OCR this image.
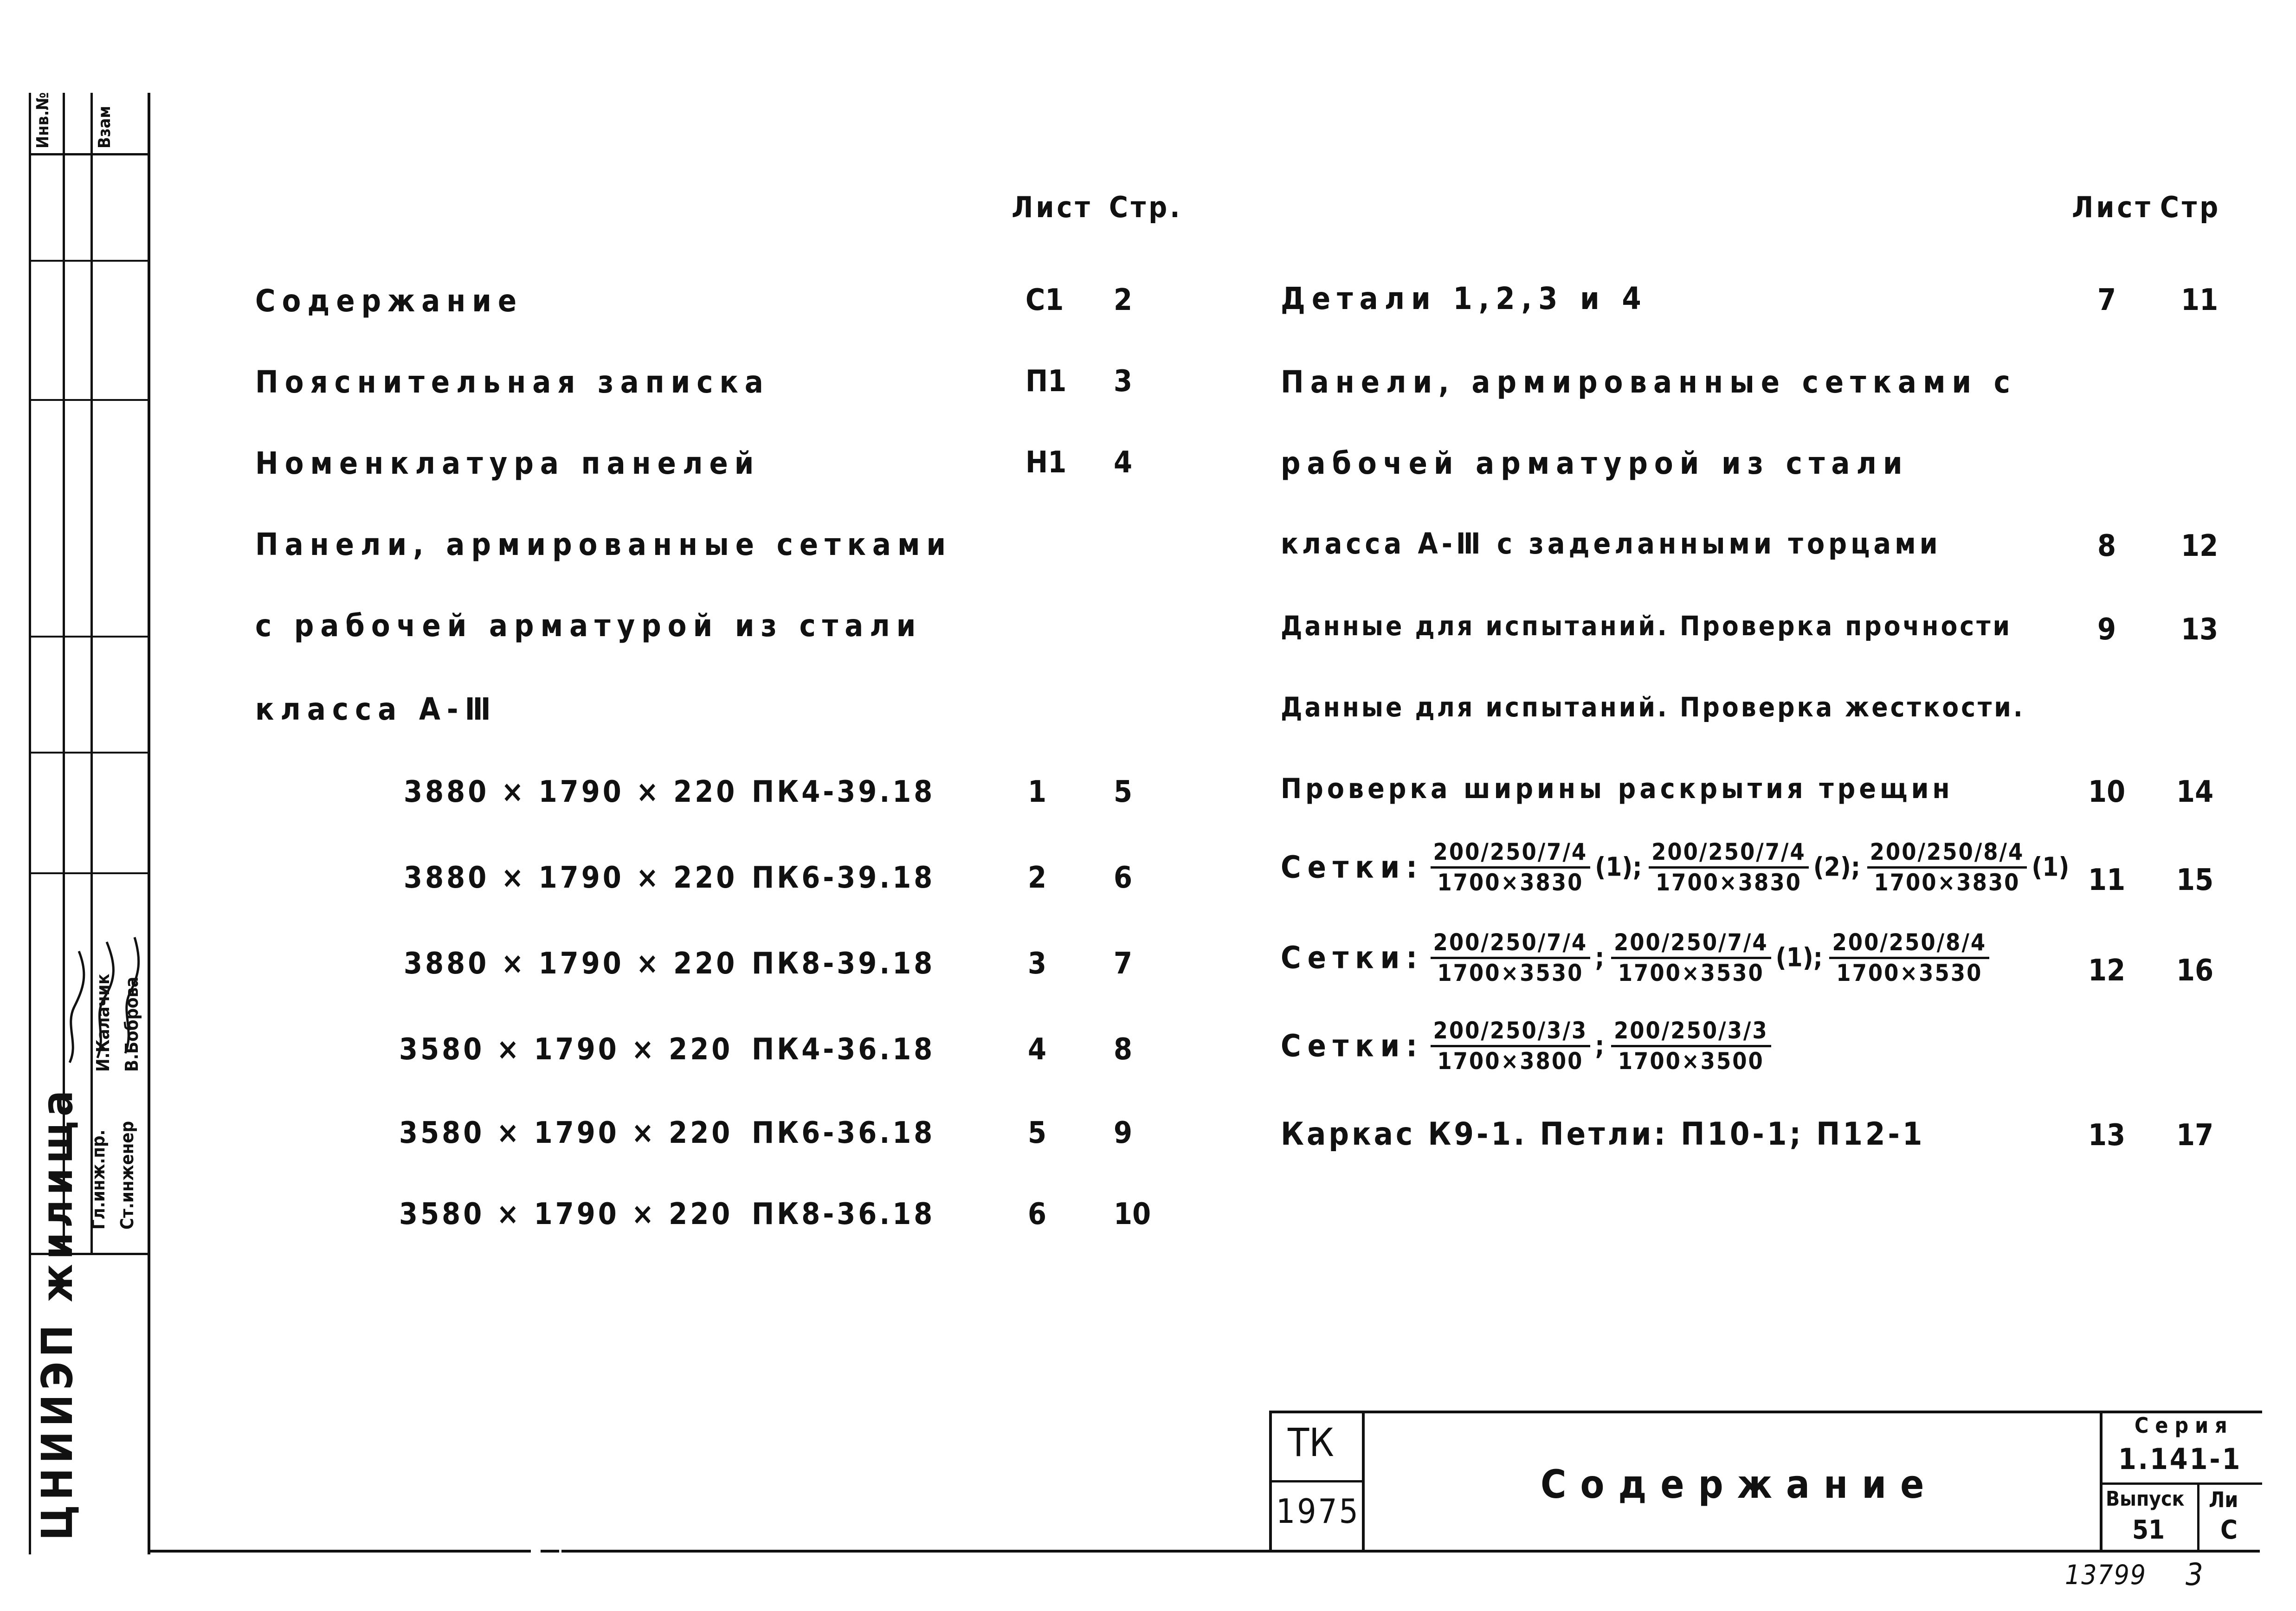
Инв.№	Взам
Гл.инж.пр. Ст.инженер
И.Калачик В.Боброва
ЦНИИЭП жилища
Лист Стр.	Лист Стр
Содержание	С1 2
Пояснительная записка	П1 3
Номенклатура панелей	Н1 4
Панели, армированные сетками
с рабочей арматурой из стали
класса А-Ⅲ
3880 × 1790 × 220 ПК4-39.18	1 5
3880 × 1790 × 220 ПК6-39.18	2 6
3880 × 1790 × 220 ПК8-39.18	3 7
3580 × 1790 × 220 ПК4-36.18	4 8
3580 × 1790 × 220 ПК6-36.18	5 9
3580 × 1790 × 220 ПК8-36.18	6 10
Детали 1,2,3 и 4	7 11
Панели, армированные сетками с
рабочей арматурой из стали
класса А-Ⅲ с заделанными торцами	8 12
Данные для испытаний. Проверка прочности	9 13
Данные для испытаний. Проверка жесткости.
Проверка ширины раскрытия трещин	10 14
Сетки: $\frac{200/250/7/4}{1700\times 3830} (1)$; $\frac{200/250/7/4}{1700\times 3830} (2)$; $\frac{200/250/8/4}{1700\times 3830} (1)$ 11 15
Сетки: $\frac{200/250/7/4}{1700\times 3530}$ ; $\frac{200/250/7/4}{1700\times 3530} (1)$; $\frac{200/250/8/4}{1700\times 3530}$	12 16
Сетки: $\frac{200/250/3/3}{1700\times 3800}$ ; $\frac{200/250/3/3}{1700\times 3500}$
Каркас К9-1. Петли: П10-1; П12-1	13 17
ТК
1975
Содержание
Серия
1.141-1
Выпуск
51
Ли
С
13799 3
